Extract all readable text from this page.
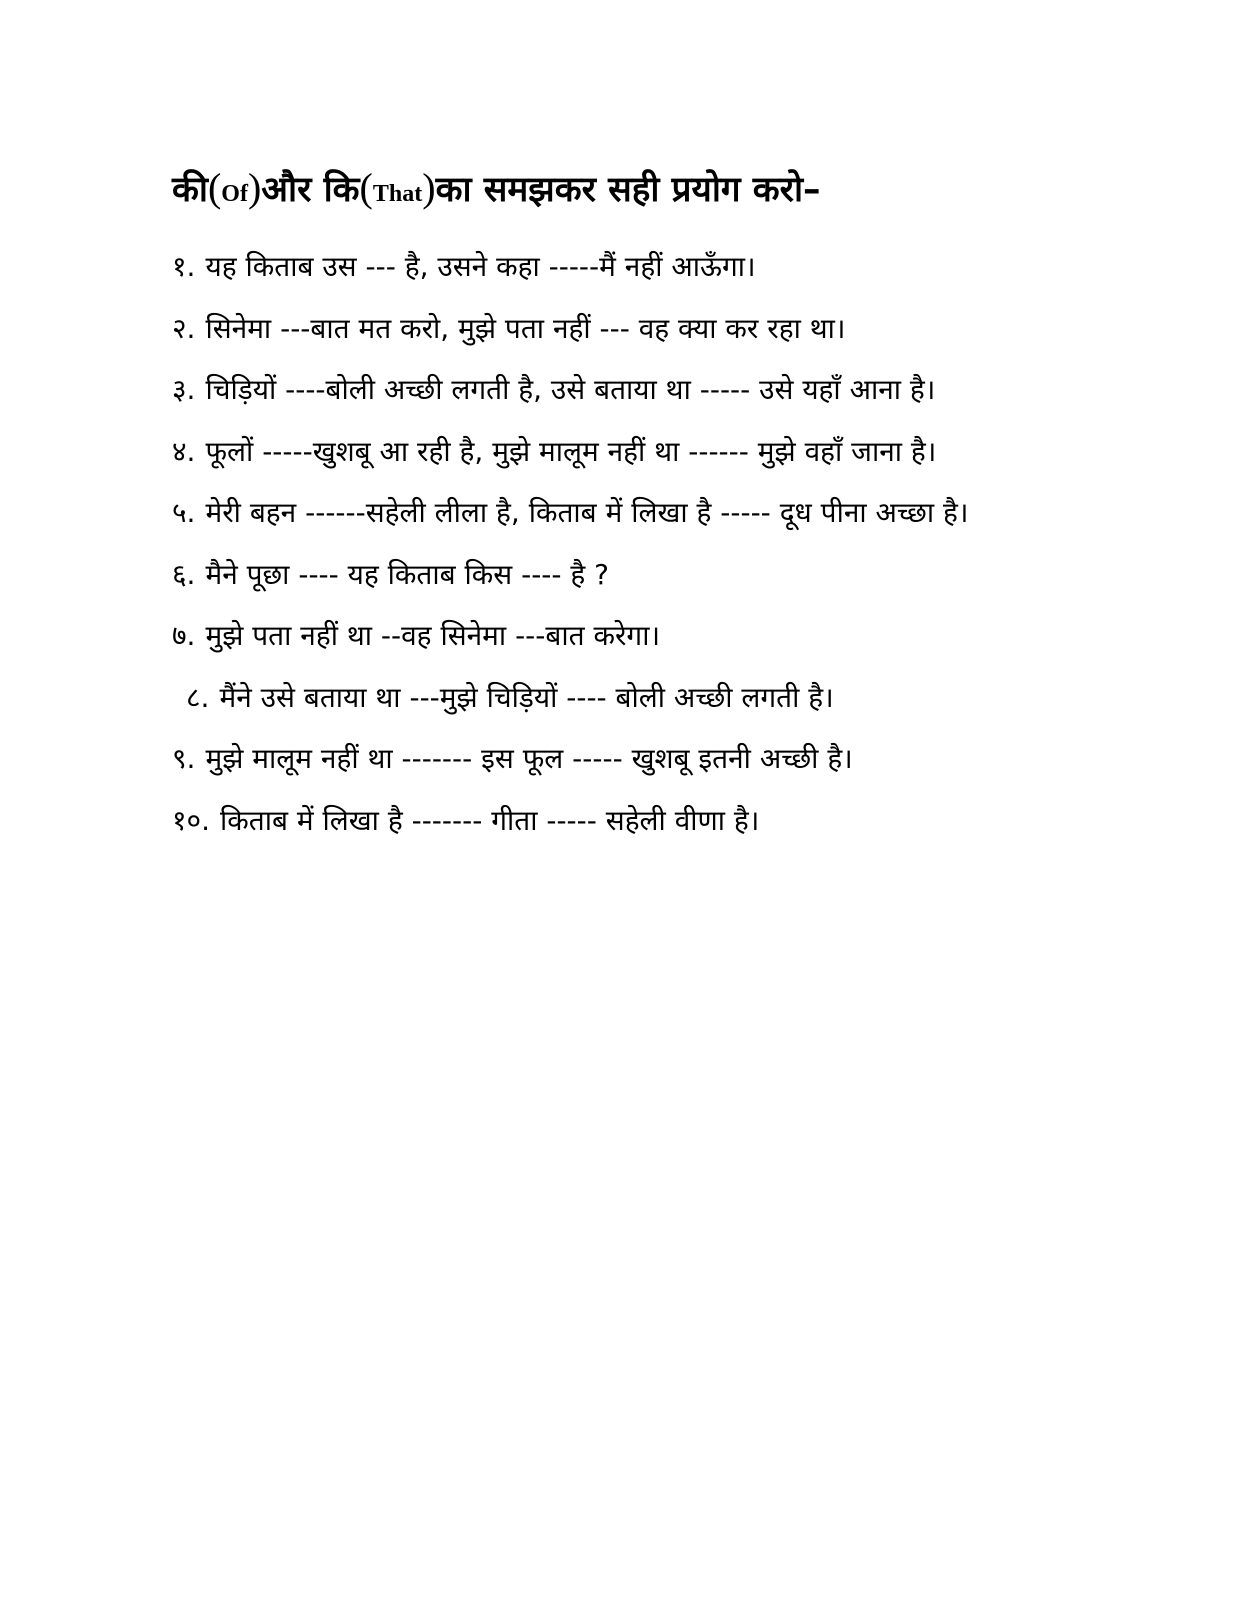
की(Of)और कि(That)का समझकर सही प्रयोग करो–
१. यह किताब उस --- है, उसने कहा -----मैं नहीं आऊँगा।
२. सिनेमा ---बात मत करो, मुझे पता नहीं --- वह क्या कर रहा था।
३. चिड़ियों ----बोली अच्छी लगती है, उसे बताया था ----- उसे यहाँ आना है।
४. फूलों -----खुशबू आ रही है, मुझे मालूम नहीं था ------ मुझे वहाँ जाना है।
५. मेरी बहन ------सहेली लीला है, किताब में लिखा है ----- दूध पीना अच्छा है।
६. मैने पूछा ---- यह किताब किस ---- है ?
७. मुझे पता नहीं था --वह सिनेमा ---बात करेगा।
८. मैंने उसे बताया था ---मुझे चिड़ियों ---- बोली अच्छी लगती है।
९. मुझे मालूम नहीं था ------- इस फूल ----- खुशबू इतनी अच्छी है।
१०. किताब में लिखा है ------- गीता ----- सहेली वीणा है।
